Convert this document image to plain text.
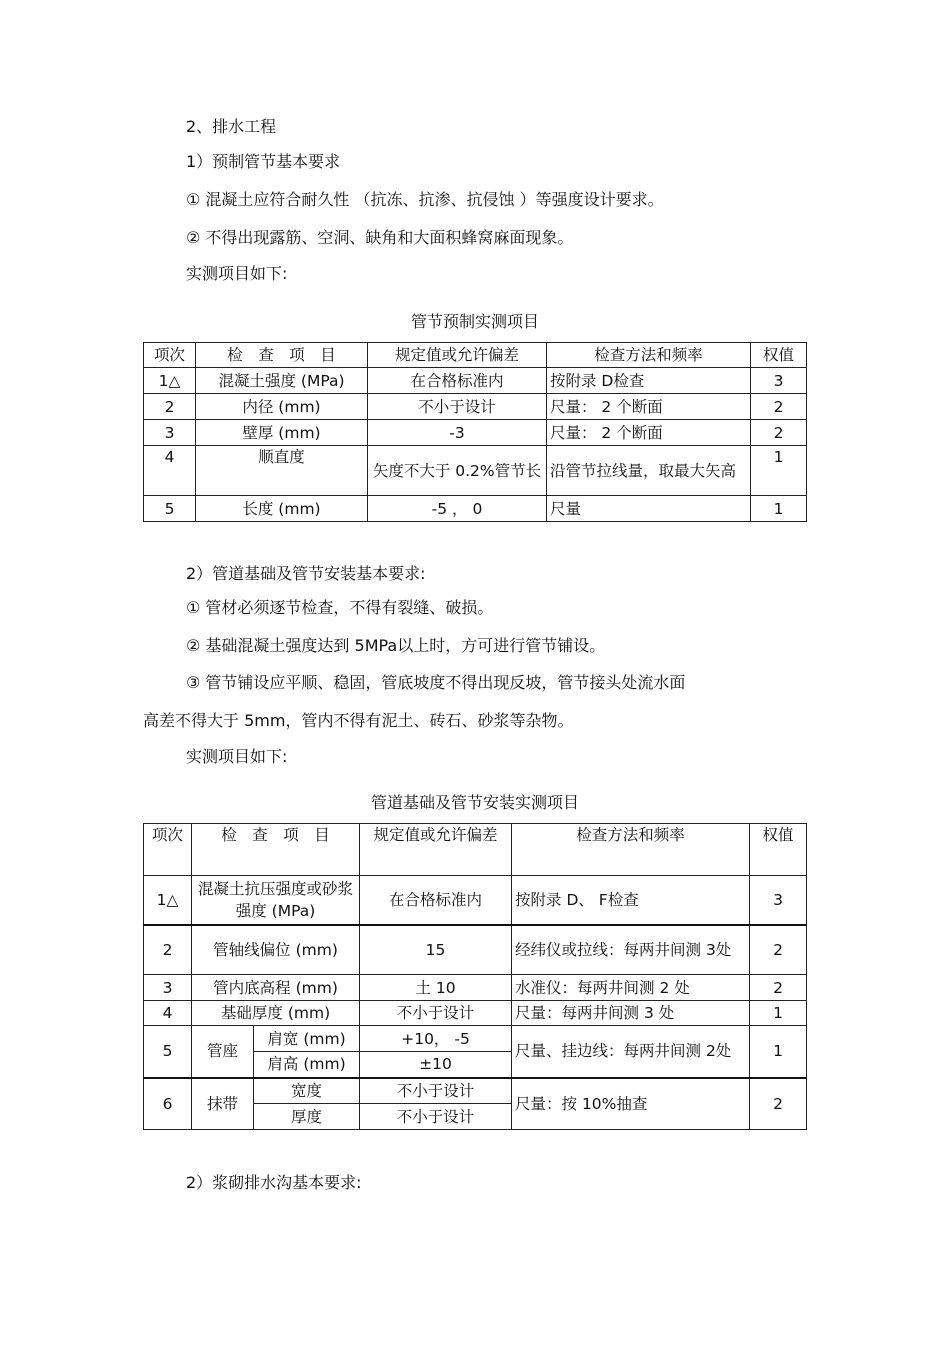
2、排水工程
1）预制管节基本要求
① 混凝土应符合耐久性 （抗冻、抗渗、抗侵蚀 ）等强度设计要求。
② 不得出现露筋、空洞、缺角和大面积蜂窝麻面现象。
实测项目如下:
管节预制实测项目
项次	检　查　项　目	规定值或允许偏差	检查方法和频率	权值
1△	混凝土强度 (MPa)	在合格标准内	按附录 D检查	3
2	内径 (mm)	不小于设计	尺量： 2 个断面	2
3	壁厚 (mm)	-3	尺量： 2 个断面	2
4	顺直度	矢度不大于 0.2%管节长	沿管节拉线量，取最大矢高	1
5	长度 (mm)	-5 ， 0	尺量	1
2）管道基础及管节安装基本要求:
① 管材必须逐节检查，不得有裂缝、破损。
② 基础混凝土强度达到 5MPa以上时，方可进行管节铺设。
③ 管节铺设应平顺、稳固，管底坡度不得出现反坡，管节接头处流水面
高差不得大于 5mm，管内不得有泥土、砖石、砂浆等杂物。
实测项目如下:
管道基础及管节安装实测项目
项次	检　查　项　目		规定值或允许偏差	检查方法和频率	权值
1△	混凝土抗压强度或砂浆强度 (MPa)		在合格标准内	按附录 D、 F检查	3
2	管轴线偏位 (mm)		15	经纬仪或拉线：每两井间测 3处	2
3	管内底高程 (mm)		土 10	水准仪：每两井间测 2 处	2
4	基础厚度 (mm)		不小于设计	尺量：每两井间测 3 处	1
5	管座	肩宽 (mm)	+10， -5	尺量、挂边线：每两井间测 2处	1
		肩高 (mm)	±10		
6	抹带	宽度	不小于设计	尺量：按 10%抽查	2
		厚度	不小于设计		
2）浆砌排水沟基本要求:
